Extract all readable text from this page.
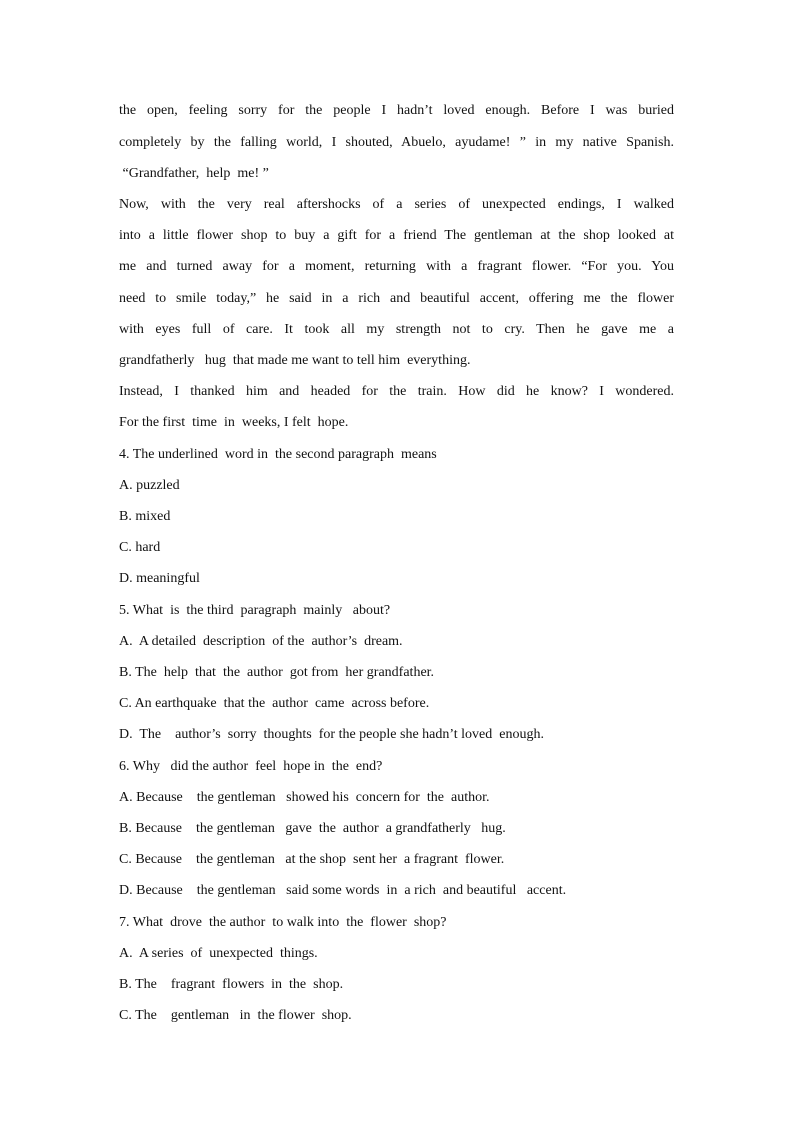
the open, feeling sorry for the people I hadn’t loved enough. Before I was buried

completely by the falling world, I shouted, Abuelo, ayudame! ” in my native Spanish.

“Grandfather,  help  me! ”

Now, with the very real aftershocks of a series of unexpected endings, I walked

into a little flower shop to buy a gift for a friend The gentleman at the shop looked at

me and turned away for a moment, returning with a fragrant flower. “For you. You

need to smile today,” he said in a rich and beautiful accent, offering me the flower

with eyes full of care. It took all my strength not to cry. Then he gave me a

grandfatherly   hug  that made me want to tell him  everything.

Instead, I thanked him and headed for the train. How did he know? I wondered.

For the first  time  in  weeks, I felt  hope.

4. The underlined  word in  the second paragraph  means

A. puzzled

B. mixed

C. hard

D. meaningful

5. What  is  the third  paragraph  mainly   about?

A.  A detailed  description  of the  author’s  dream.

B. The  help  that  the  author  got from  her grandfather.

C. An earthquake  that the  author  came  across before.

D.  The    author’s  sorry  thoughts  for the people she hadn’t loved  enough.

6. Why   did the author  feel  hope in  the  end?

A. Because    the gentleman   showed his  concern for  the  author.

B. Because    the gentleman   gave  the  author  a grandfatherly   hug.

C. Because    the gentleman   at the shop  sent her  a fragrant  flower.

D. Because    the gentleman   said some words  in  a rich  and beautiful   accent.

7. What  drove  the author  to walk into  the  flower  shop?

A.  A series  of  unexpected  things.

B. The    fragrant  flowers  in  the  shop.

C. The    gentleman   in  the flower  shop.
